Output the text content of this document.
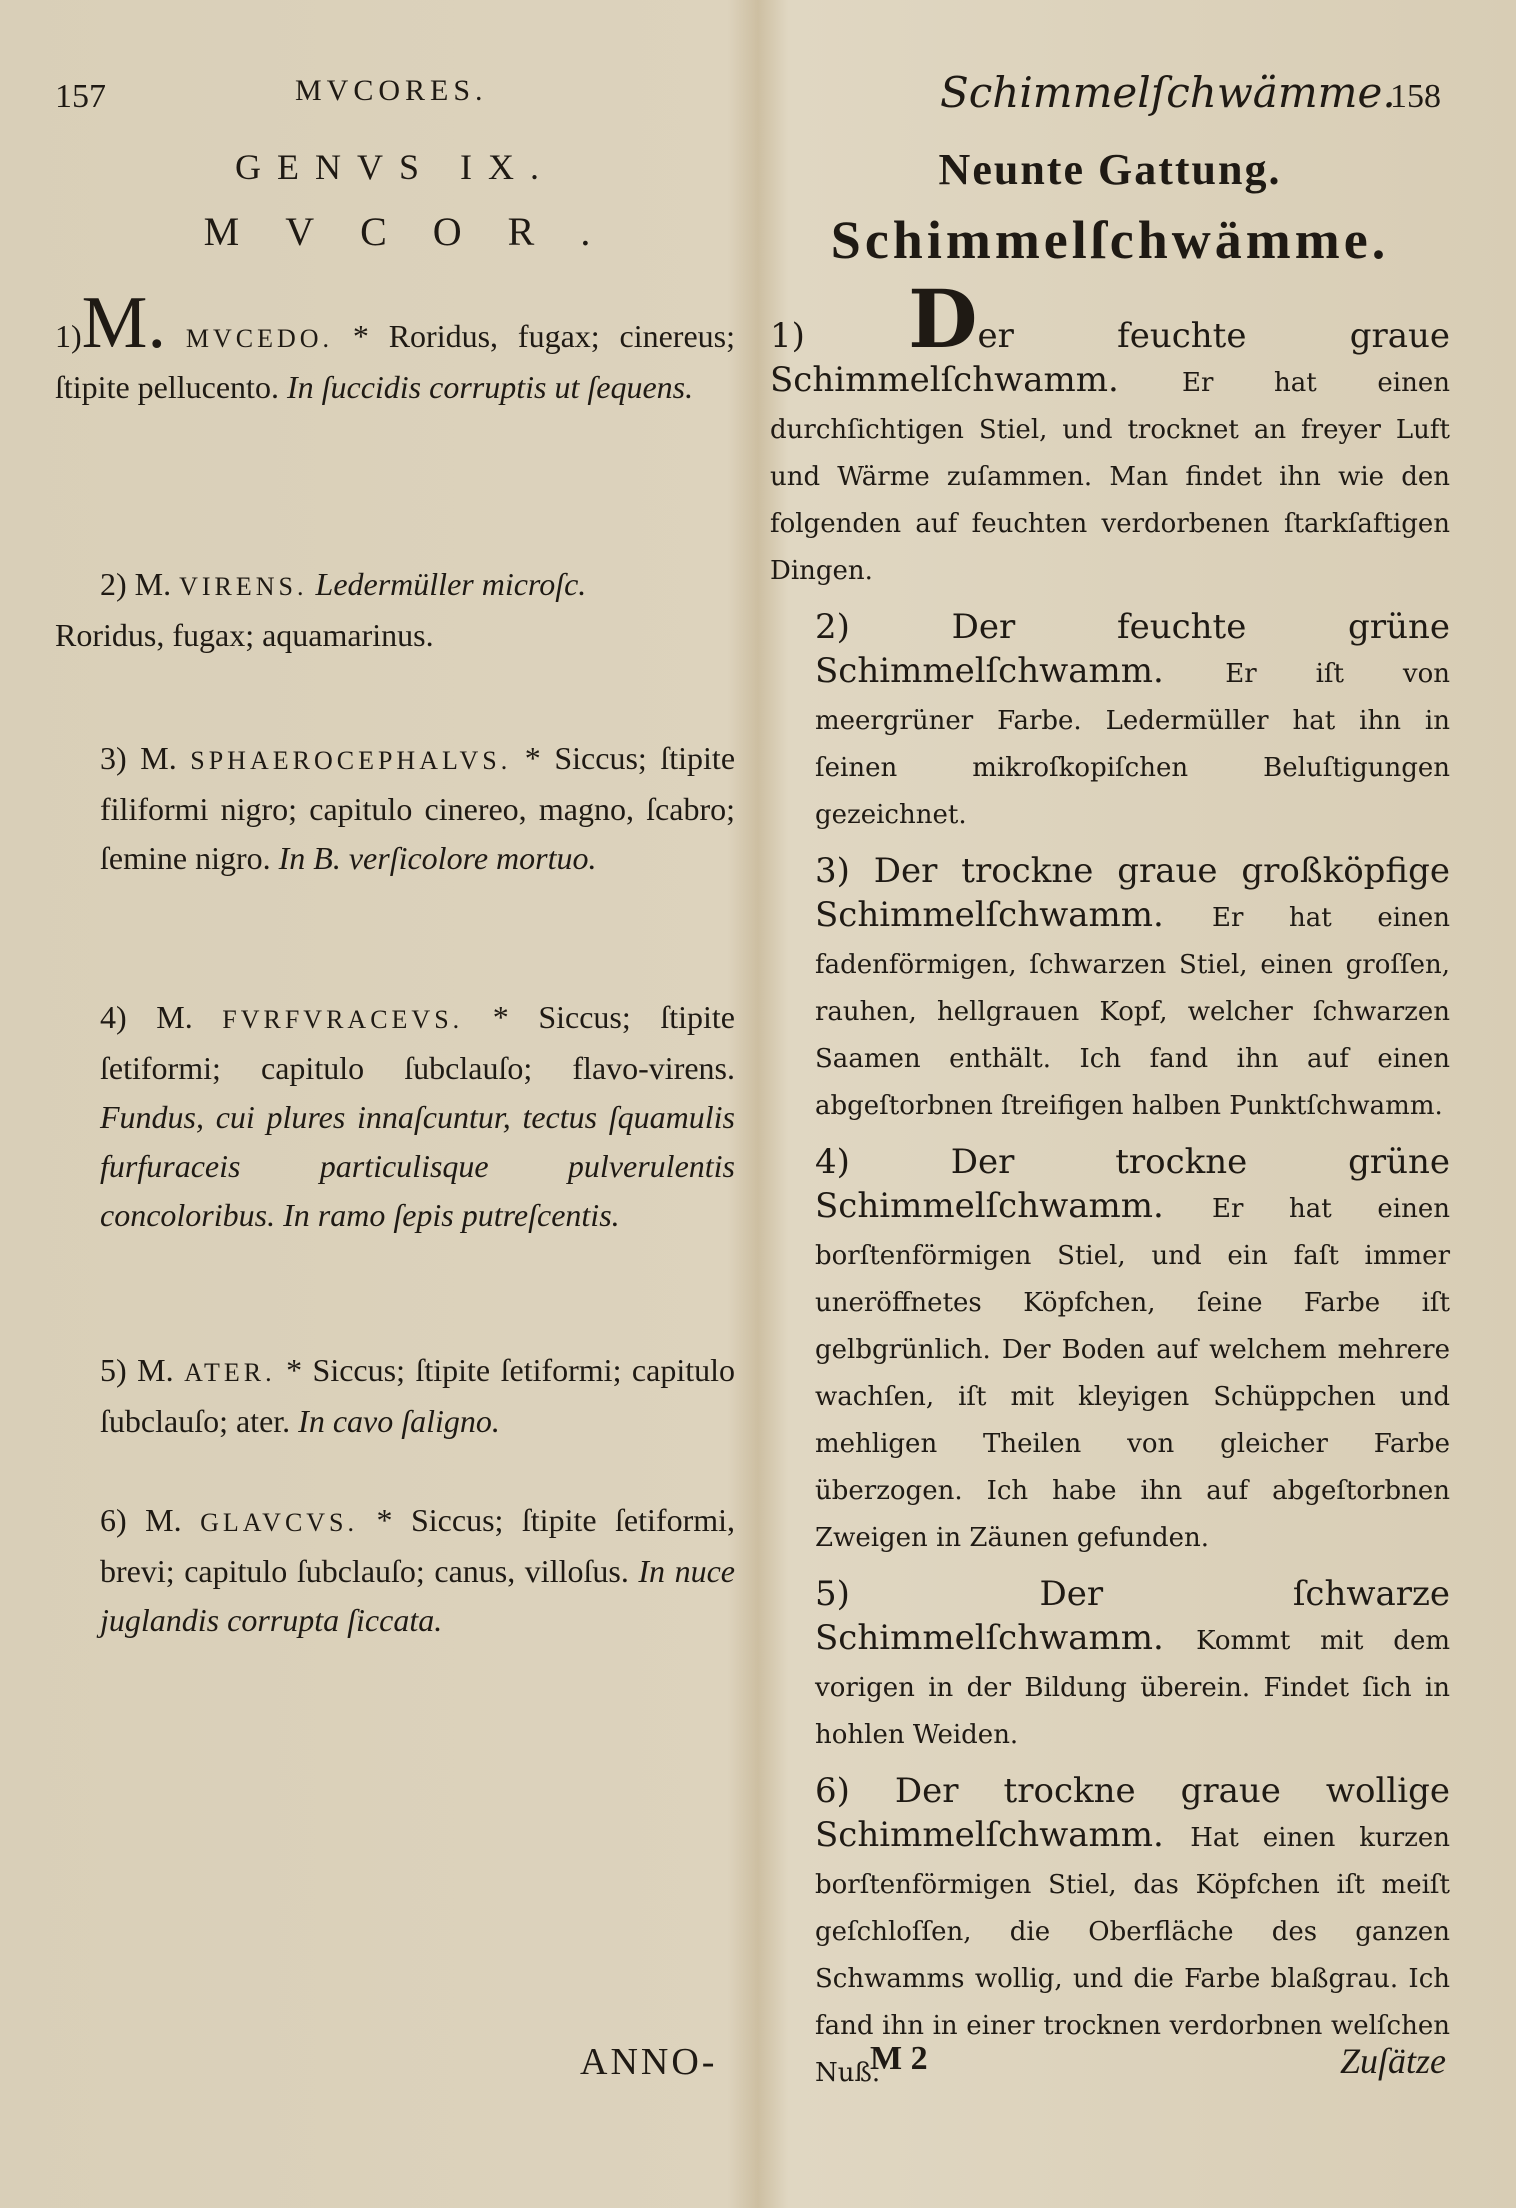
157	MVCORES.
GENVS IX.
MVCOR.
1)M. MVCEDO. * Roridus, fugax; cinereus; ſtipite pellucento. In ſuccidis corruptis ut ſequens.
2) M. VIRENS. Ledermüller microſc.
Roridus, fugax; aquamarinus.
3) M. SPHAEROCEPHALVS. * Siccus; ſtipite filiformi nigro; capitulo cinereo, magno, ſcabro; ſemine nigro. In B. verſicolore mortuo.
4) M. FVRFVRACEVS. * Siccus; ſtipite ſetiformi; capitulo ſubclauſo; flavo-virens. Fundus, cui plures innaſcuntur, tectus ſquamulis furfuraceis particulisque pulverulentis concoloribus. In ramo ſepis putreſcentis.
5) M. ATER. * Siccus; ſtipite ſetiformi; capitulo ſubclauſo; ater. In cavo ſaligno.
6) M. GLAVCVS. * Siccus; ſtipite ſetiformi, brevi; capitulo ſubclauſo; canus, villoſus. In nuce juglandis corrupta ſiccata.
Schimmelſchwämme.
158
Neunte Gattung.
Schimmelſchwämme.
1) Der feuchte graue Schimmelſchwamm. Er hat einen durchſichtigen Stiel, und trocknet an freyer Luft und Wärme zuſammen. Man findet ihn wie den folgenden auf feuchten verdorbenen ſtarkſaftigen Dingen.
2)	Der feuchte grüne Schimmelſchwamm. Er iſt von meergrüner Farbe. Ledermüller hat ihn in ſeinen mikroſkopiſchen Beluſtigungen gezeichnet.
3) Der trockne graue großköpfige Schimmelſchwamm. Er hat einen fadenförmigen, ſchwarzen Stiel, einen groſſen, rauhen, hellgrauen Kopf, welcher ſchwarzen Saamen enthält. Ich fand ihn auf einen abgeſtorbnen ſtreifigen halben Punktſchwamm.
4)	Der trockne grüne Schimmelſchwamm. Er hat einen borſtenförmigen Stiel, und ein faſt immer uneröffnetes Köpfchen, ſeine Farbe iſt gelbgrünlich. Der Boden auf welchem mehrere wachſen, iſt mit kleyigen Schüppchen und mehligen Theilen von gleicher Farbe überzogen. Ich habe ihn auf abgeſtorbnen Zweigen in Zäunen gefunden.
5)	Der ſchwarze Schimmelſchwamm. Kommt mit dem vorigen in der Bildung überein. Findet ſich in hohlen Weiden.
6) Der trockne graue wollige Schimmelſchwamm. Hat einen kurzen borſtenförmigen Stiel, das Köpfchen iſt meiſt geſchloſſen, die Oberfläche des ganzen Schwamms wollig, und die Farbe blaßgrau. Ich fand ihn in einer trocknen verdorbnen welſchen Nuß.
ANNO-	M 2	Zuſätze
